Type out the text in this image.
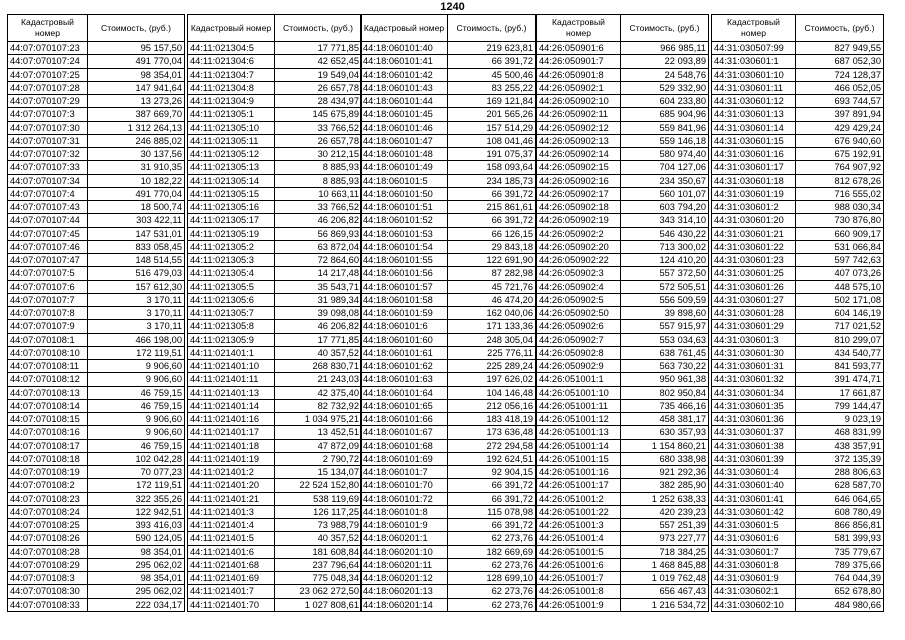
1240
Кадастровый номер	Стоимость, (руб.)
44:07:070107:23	95 157,50
44:07:070107:24	491 770,04
44:07:070107:25	98 354,01
44:07:070107:28	147 941,64
44:07:070107:29	13 273,26
44:07:070107:3	387 669,70
44:07:070107:30	1 312 264,13
44:07:070107:31	246 885,02
44:07:070107:32	30 137,56
44:07:070107:33	31 910,35
44:07:070107:34	10 182,22
44:07:070107:4	491 770,04
44:07:070107:43	18 500,74
44:07:070107:44	303 422,11
44:07:070107:45	147 531,01
44:07:070107:46	833 058,45
44:07:070107:47	148 514,55
44:07:070107:5	516 479,03
44:07:070107:6	157 612,30
44:07:070107:7	3 170,11
44:07:070107:8	3 170,11
44:07:070107:9	3 170,11
44:07:070108:1	466 198,00
44:07:070108:10	172 119,51
44:07:070108:11	9 906,60
44:07:070108:12	9 906,60
44:07:070108:13	46 759,15
44:07:070108:14	46 759,15
44:07:070108:15	9 906,60
44:07:070108:16	9 906,60
44:07:070108:17	46 759,15
44:07:070108:18	102 042,28
44:07:070108:19	70 077,23
44:07:070108:2	172 119,51
44:07:070108:23	322 355,26
44:07:070108:24	122 942,51
44:07:070108:25	393 416,03
44:07:070108:26	590 124,05
44:07:070108:28	98 354,01
44:07:070108:29	295 062,02
44:07:070108:3	98 354,01
44:07:070108:30	295 062,02
44:07:070108:33	222 034,17
Кадастровый номер	Стоимость, (руб.)
44:11:021304:5	17 771,85
44:11:021304:6	42 652,45
44:11:021304:7	19 549,04
44:11:021304:8	26 657,78
44:11:021304:9	28 434,97
44:11:021305:1	145 675,89
44:11:021305:10	33 766,52
44:11:021305:11	26 657,78
44:11:021305:12	30 212,15
44:11:021305:13	8 885,93
44:11:021305:14	8 885,93
44:11:021305:15	10 663,11
44:11:021305:16	33 766,52
44:11:021305:17	46 206,82
44:11:021305:19	56 869,93
44:11:021305:2	63 872,04
44:11:021305:3	72 864,60
44:11:021305:4	14 217,48
44:11:021305:5	35 543,71
44:11:021305:6	31 989,34
44:11:021305:7	39 098,08
44:11:021305:8	46 206,82
44:11:021305:9	17 771,85
44:11:021401:1	40 357,52
44:11:021401:10	268 830,71
44:11:021401:11	21 243,03
44:11:021401:13	42 375,40
44:11:021401:14	82 732,92
44:11:021401:16	1 034 975,21
44:11:021401:17	13 452,51
44:11:021401:18	47 872,09
44:11:021401:19	2 790,72
44:11:021401:2	15 134,07
44:11:021401:20	22 524 152,80
44:11:021401:21	538 119,69
44:11:021401:3	126 117,25
44:11:021401:4	73 988,79
44:11:021401:5	40 357,52
44:11:021401:6	181 608,84
44:11:021401:68	237 796,64
44:11:021401:69	775 048,34
44:11:021401:7	23 062 272,50
44:11:021401:70	1 027 808,61
Кадастровый номер	Стоимость, (руб.)
44:18:060101:40	219 623,81
44:18:060101:41	66 391,72
44:18:060101:42	45 500,46
44:18:060101:43	83 255,22
44:18:060101:44	169 121,84
44:18:060101:45	201 565,26
44:18:060101:46	157 514,29
44:18:060101:47	108 041,46
44:18:060101:48	191 075,37
44:18:060101:49	158 093,64
44:18:060101:5	234 185,73
44:18:060101:50	66 391,72
44:18:060101:51	215 861,61
44:18:060101:52	66 391,72
44:18:060101:53	66 126,15
44:18:060101:54	29 843,18
44:18:060101:55	122 691,90
44:18:060101:56	87 282,98
44:18:060101:57	45 721,76
44:18:060101:58	46 474,20
44:18:060101:59	162 040,06
44:18:060101:6	171 133,36
44:18:060101:60	248 305,04
44:18:060101:61	225 776,11
44:18:060101:62	225 289,24
44:18:060101:63	197 626,02
44:18:060101:64	104 146,48
44:18:060101:65	212 056,16
44:18:060101:66	183 418,19
44:18:060101:67	173 636,48
44:18:060101:68	272 294,58
44:18:060101:69	192 624,51
44:18:060101:7	92 904,15
44:18:060101:70	66 391,72
44:18:060101:72	66 391,72
44:18:060101:8	115 078,98
44:18:060101:9	66 391,72
44:18:060201:1	62 273,76
44:18:060201:10	182 669,69
44:18:060201:11	62 273,76
44:18:060201:12	128 699,10
44:18:060201:13	62 273,76
44:18:060201:14	62 273,76
Кадастровый номер	Стоимость, (руб.)
44:26:050901:6	966 985,11
44:26:050901:7	22 093,89
44:26:050901:8	24 548,76
44:26:050902:1	529 332,90
44:26:050902:10	604 233,80
44:26:050902:11	685 904,96
44:26:050902:12	559 841,96
44:26:050902:13	559 146,18
44:26:050902:14	580 974,40
44:26:050902:15	704 127,06
44:26:050902:16	234 350,67
44:26:050902:17	560 101,07
44:26:050902:18	603 794,20
44:26:050902:19	343 314,10
44:26:050902:2	546 430,22
44:26:050902:20	713 300,02
44:26:050902:22	124 410,20
44:26:050902:3	557 372,50
44:26:050902:4	572 505,51
44:26:050902:5	556 509,59
44:26:050902:50	39 898,60
44:26:050902:6	557 915,97
44:26:050902:7	553 034,63
44:26:050902:8	638 761,45
44:26:050902:9	563 730,22
44:26:051001:1	950 961,38
44:26:051001:10	802 950,84
44:26:051001:11	735 466,16
44:26:051001:12	458 381,17
44:26:051001:13	630 357,93
44:26:051001:14	1 154 860,21
44:26:051001:15	680 338,98
44:26:051001:16	921 292,36
44:26:051001:17	382 285,90
44:26:051001:2	1 252 638,33
44:26:051001:22	420 239,23
44:26:051001:3	557 251,39
44:26:051001:4	973 227,77
44:26:051001:5	718 384,25
44:26:051001:6	1 468 845,88
44:26:051001:7	1 019 762,48
44:26:051001:8	656 467,43
44:26:051001:9	1 216 534,72
Кадастровый номер	Стоимость, (руб.)
44:31:030507:99	827 949,55
44:31:030601:1	687 052,30
44:31:030601:10	724 128,37
44:31:030601:11	466 052,05
44:31:030601:12	693 744,57
44:31:030601:13	397 891,94
44:31:030601:14	429 429,24
44:31:030601:15	676 940,60
44:31:030601:16	675 192,91
44:31:030601:17	764 907,92
44:31:030601:18	812 678,26
44:31:030601:19	716 555,02
44:31:030601:2	988 030,34
44:31:030601:20	730 876,80
44:31:030601:21	660 909,17
44:31:030601:22	531 066,84
44:31:030601:23	597 742,63
44:31:030601:25	407 073,26
44:31:030601:26	448 575,10
44:31:030601:27	502 171,08
44:31:030601:28	604 146,19
44:31:030601:29	717 021,52
44:31:030601:3	810 299,07
44:31:030601:30	434 540,77
44:31:030601:31	841 593,77
44:31:030601:32	391 474,71
44:31:030601:34	17 661,87
44:31:030601:35	799 144,47
44:31:030601:36	9 023,19
44:31:030601:37	468 831,99
44:31:030601:38	438 357,91
44:31:030601:39	372 135,39
44:31:030601:4	288 806,63
44:31:030601:40	628 587,70
44:31:030601:41	646 064,65
44:31:030601:42	608 780,49
44:31:030601:5	866 856,81
44:31:030601:6	581 399,93
44:31:030601:7	735 779,67
44:31:030601:8	789 375,66
44:31:030601:9	764 044,39
44:31:030602:1	652 678,80
44:31:030602:10	484 980,66
